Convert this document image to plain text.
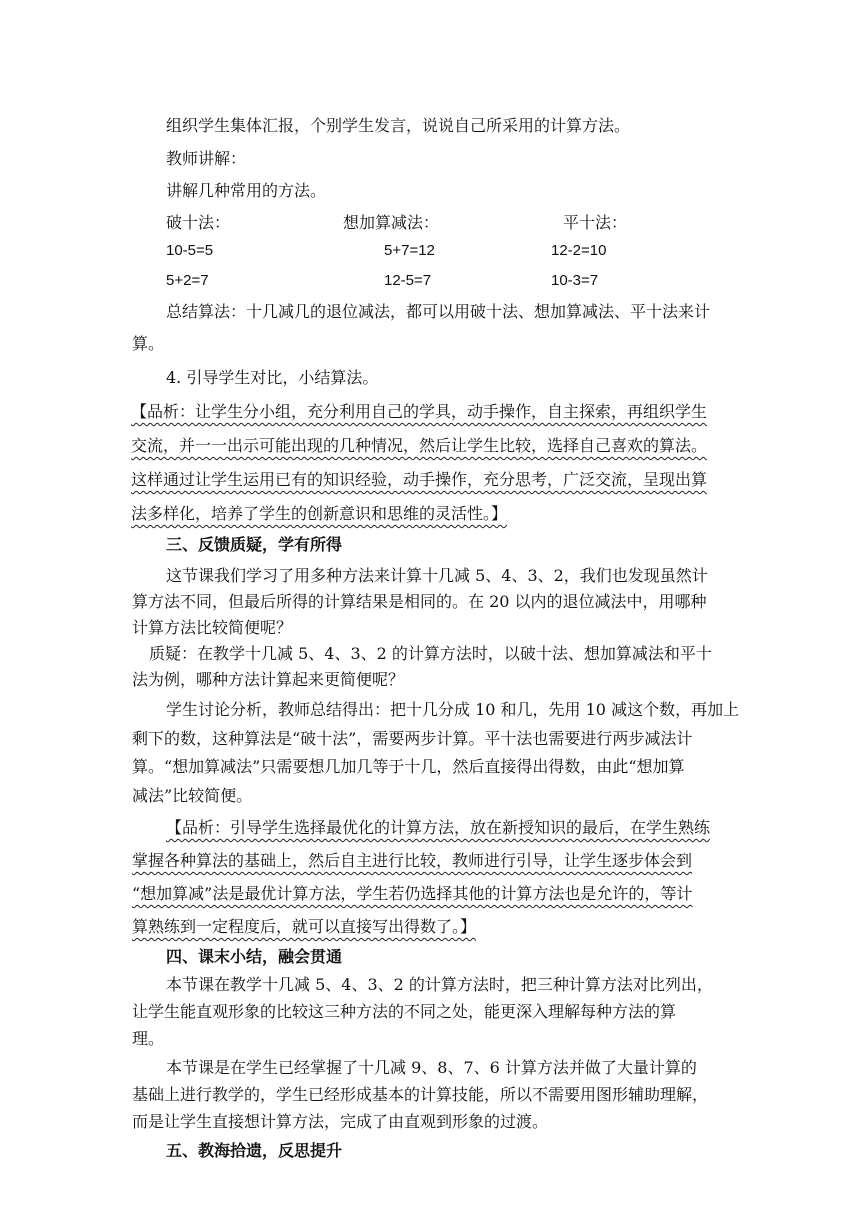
组织学生集体汇报，个别学生发言，说说自己所采用的计算方法。
教师讲解：
讲解几种常用的方法。
破十法：	想加算减法：	平十法：
10-5=5	5+7=12	12-2=10
5+2=7	12-5=7	10-3=7
总结算法：十几减几的退位减法，都可以用破十法、想加算减法、平十法来计
算。
4. 引导学生对比，小结算法。
【品析：让学生分小组，充分利用自己的学具，动手操作，自主探索，再组织学生
交流，并一一出示可能出现的几种情况，然后让学生比较，选择自己喜欢的算法。
这样通过让学生运用已有的知识经验，动手操作，充分思考，广泛交流，呈现出算
法多样化，培养了学生的创新意识和思维的灵活性。】
三、反馈质疑，学有所得
这节课我们学习了用多种方法来计算十几减 5、4、3、2，我们也发现虽然计
算方法不同，但最后所得的计算结果是相同的。在 20 以内的退位减法中，用哪种
计算方法比较简便呢？
质疑：在教学十几减 5、4、3、2 的计算方法时，以破十法、想加算减法和平十
法为例，哪种方法计算起来更简便呢？
学生讨论分析，教师总结得出：把十几分成 10 和几，先用 10 减这个数，再加上
剩下的数，这种算法是“破十法”，需要两步计算。平十法也需要进行两步减法计
算。“想加算减法”只需要想几加几等于十几，然后直接得出得数，由此“想加算
减法”比较简便。
【品析：引导学生选择最优化的计算方法，放在新授知识的最后，在学生熟练
掌握各种算法的基础上，然后自主进行比较，教师进行引导，让学生逐步体会到
“想加算减”法是最优计算方法，学生若仍选择其他的计算方法也是允许的，等计
算熟练到一定程度后，就可以直接写出得数了。】
四、课末小结，融会贯通
本节课在教学十几减 5、4、3、2 的计算方法时，把三种计算方法对比列出，
让学生能直观形象的比较这三种方法的不同之处，能更深入理解每种方法的算
理。
本节课是在学生已经掌握了十几减 9、8、7、6 计算方法并做了大量计算的
基础上进行教学的，学生已经形成基本的计算技能，所以不需要用图形辅助理解，
而是让学生直接想计算方法，完成了由直观到形象的过渡。
五、教海拾遗，反思提升
